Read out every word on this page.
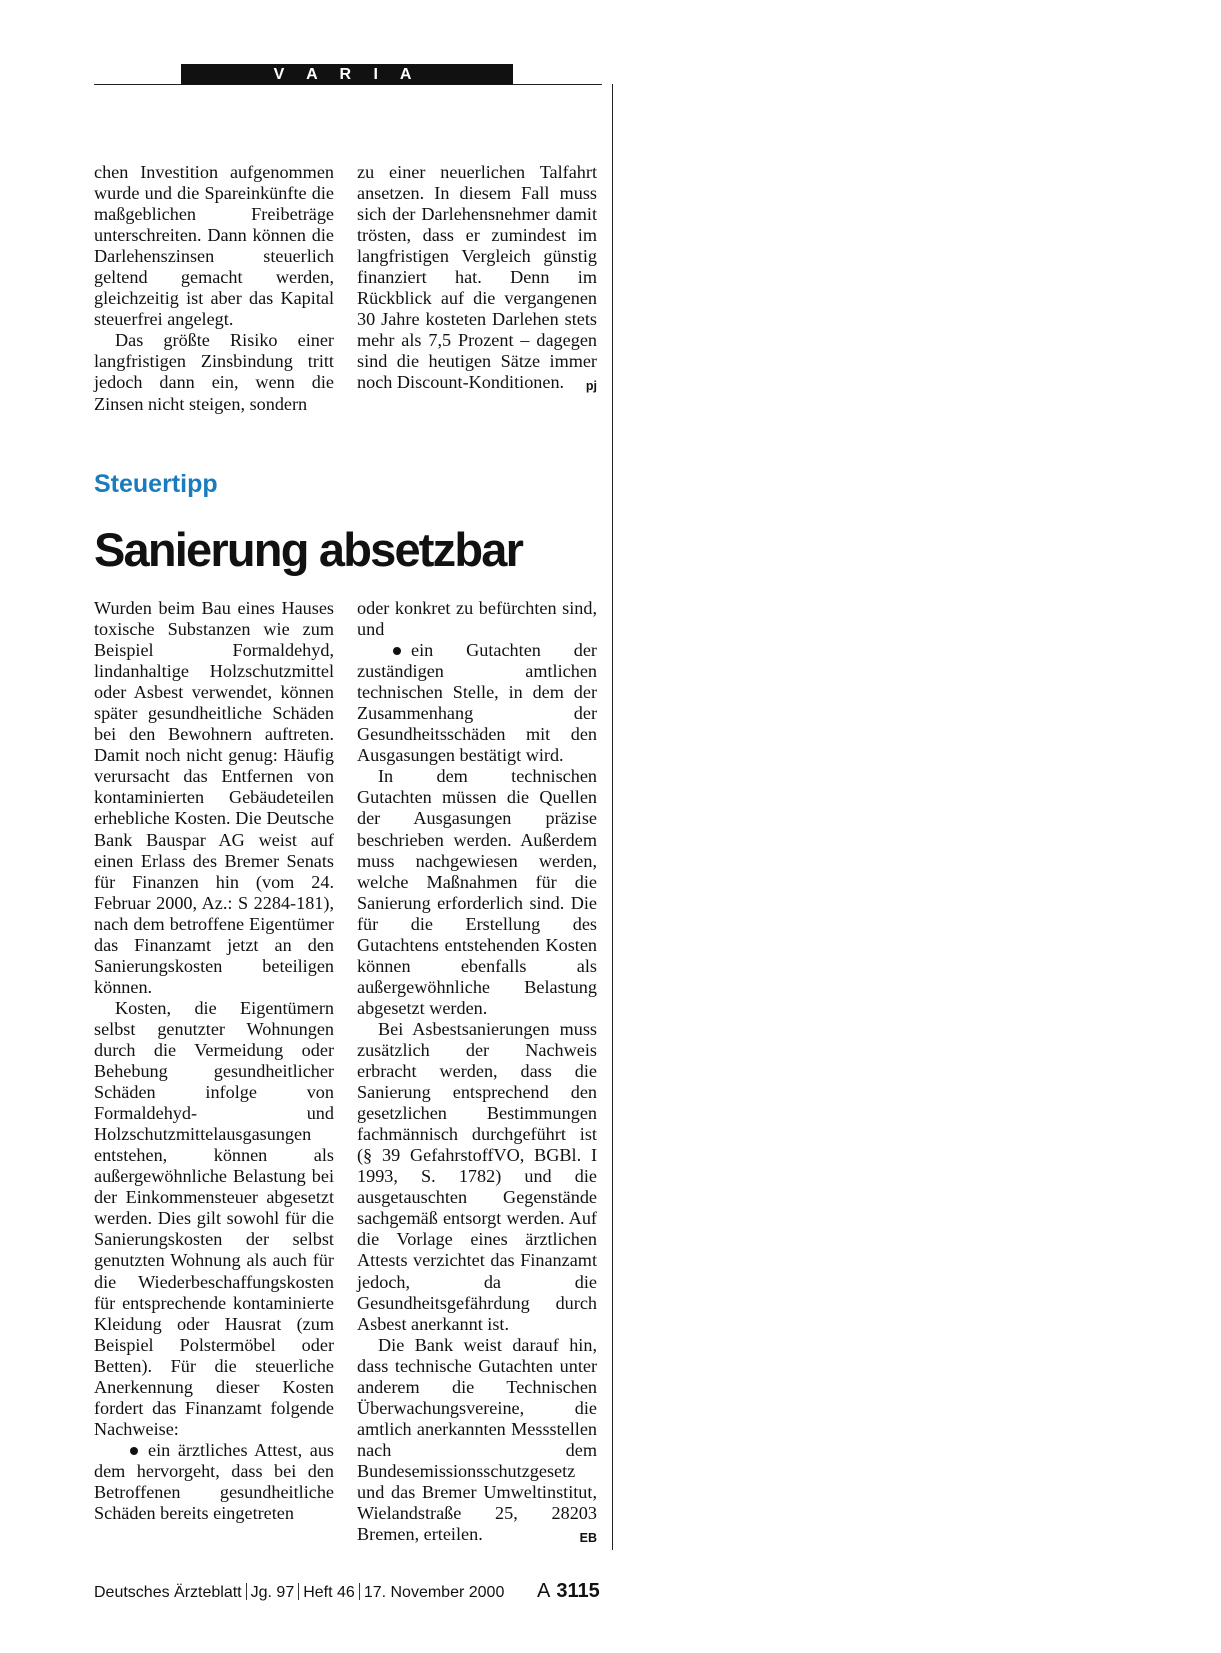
V A R I A

chen Investition aufgenommen wurde und die Spareinkünfte die maßgeblichen Freibeträge unterschreiten. Dann können die Darlehenszinsen steuerlich geltend gemacht werden, gleichzeitig ist aber das Kapital steuerfrei angelegt.

Das größte Risiko einer langfristigen Zinsbindung tritt jedoch dann ein, wenn die Zinsen nicht steigen, sondern

zu einer neuerlichen Talfahrt ansetzen. In diesem Fall muss sich der Darlehensnehmer damit trösten, dass er zumindest im langfristigen Vergleich günstig finanziert hat. Denn im Rückblick auf die vergangenen 30 Jahre kosteten Darlehen stets mehr als 7,5 Prozent – dagegen sind die heutigen Sätze immer noch Discount-Konditionen. pj

Steuertipp
Sanierung absetzbar

Wurden beim Bau eines Hauses toxische Substanzen wie zum Beispiel Formaldehyd, lindanhaltige Holzschutzmittel oder Asbest verwendet, können später gesundheitliche Schäden bei den Bewohnern auftreten. Damit noch nicht genug: Häufig verursacht das Entfernen von kontaminierten Gebäudeteilen erhebliche Kosten. Die Deutsche Bank Bauspar AG weist auf einen Erlass des Bremer Senats für Finanzen hin (vom 24. Februar 2000, Az.: S 2284-181), nach dem betroffene Eigentümer das Finanzamt jetzt an den Sanierungskosten beteiligen können.

Kosten, die Eigentümern selbst genutzter Wohnungen durch die Vermeidung oder Behebung gesundheitlicher Schäden infolge von Formaldehyd- und Holzschutzmittelausgasungen entstehen, können als außergewöhnliche Belastung bei der Einkommensteuer abgesetzt werden. Dies gilt sowohl für die Sanierungskosten der selbst genutzten Wohnung als auch für die Wiederbeschaffungskosten für entsprechende kontaminierte Kleidung oder Hausrat (zum Beispiel Polstermöbel oder Betten). Für die steuerliche Anerkennung dieser Kosten fordert das Finanzamt folgende Nachweise:

ein ärztliches Attest, aus dem hervorgeht, dass bei den Betroffenen gesundheitliche Schäden bereits eingetreten

oder konkret zu befürchten sind, und

ein Gutachten der zuständigen amtlichen technischen Stelle, in dem der Zusammenhang der Gesundheitsschäden mit den Ausgasungen bestätigt wird.

In dem technischen Gutachten müssen die Quellen der Ausgasungen präzise beschrieben werden. Außerdem muss nachgewiesen werden, welche Maßnahmen für die Sanierung erforderlich sind. Die für die Erstellung des Gutachtens entstehenden Kosten können ebenfalls als außergewöhnliche Belastung abgesetzt werden.

Bei Asbestsanierungen muss zusätzlich der Nachweis erbracht werden, dass die Sanierung entsprechend den gesetzlichen Bestimmungen fachmännisch durchgeführt ist (§ 39 GefahrstoffVO, BGBl. I 1993, S. 1782) und die ausgetauschten Gegenstände sachgemäß entsorgt werden. Auf die Vorlage eines ärztlichen Attests verzichtet das Finanzamt jedoch, da die Gesundheitsgefährdung durch Asbest anerkannt ist.

Die Bank weist darauf hin, dass technische Gutachten unter anderem die Technischen Überwachungsvereine, die amtlich anerkannten Messstellen nach dem Bundesemissionsschutzgesetz und das Bremer Umweltinstitut, Wielandstraße 25, 28203 Bremen, erteilen.	EB

Deutsches Ärzteblatt Jg. 97 Heft 46 17. November 2000 A 3115
